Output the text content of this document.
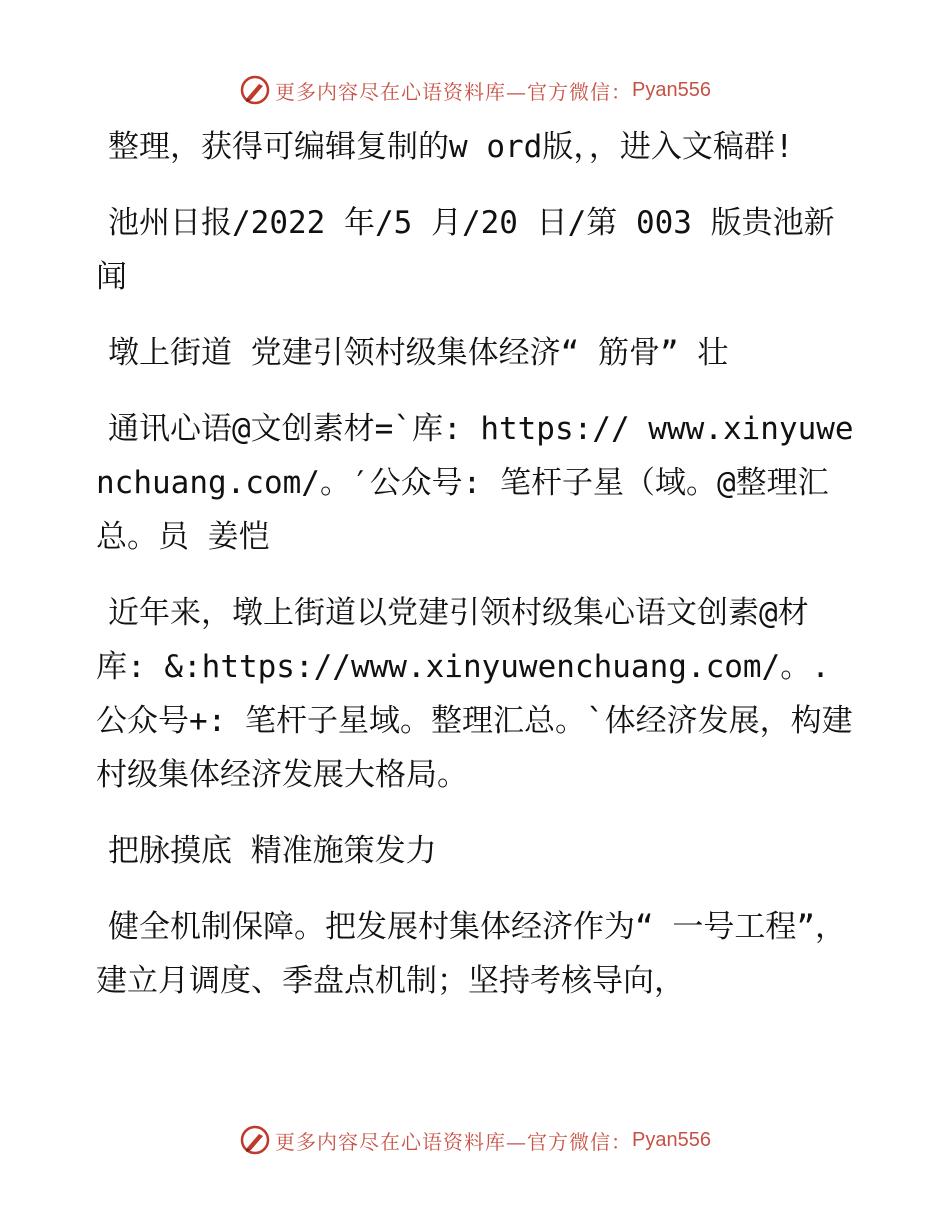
更多内容尽在心语资料库—官方微信： Pyan556

整理，获得可编辑复制的w ord版，，进入文稿群!

池州日报/2022 年/5 月/20 日/第 003 版贵池新闻

墩上街道 党建引领村级集体经济“ 筋骨” 壮

通讯心语@文创素材=`库: https:// www.xinyuwenchuang.com/。′公众号: 笔杆子星（域。@整理汇总。员 姜恺

近年来，墩上街道以党建引领村级集心语文创素@材库: &:https://www.xinyuwenchuang.com/。.公众号+: 笔杆子星域。整理汇总。`体经济发展，构建村级集体经济发展大格局。

把脉摸底 精准施策发力

健全机制保障。把发展村集体经济作为“ 一号工程”，建立月调度、季盘点机制；坚持考核导向，

更多内容尽在心语资料库—官方微信： Pyan556
